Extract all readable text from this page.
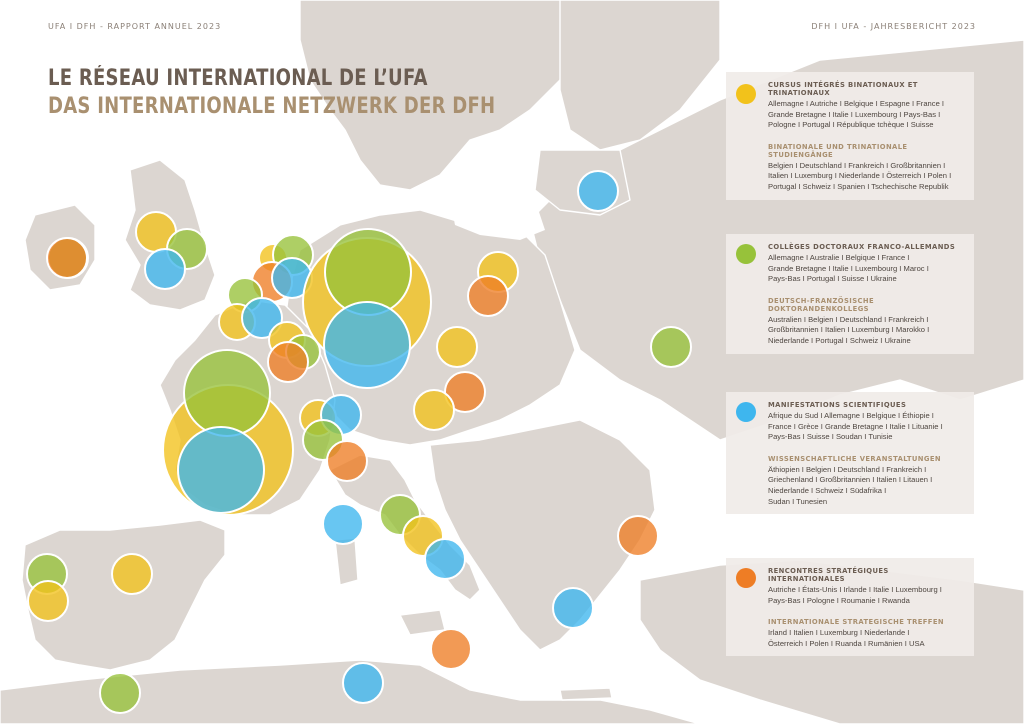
UFA I DFH - RAPPORT ANNUEL 2023	DFH I UFA - JAHRESBERICHT 2023
LE RÉSEAU INTERNATIONAL DE L’UFA
DAS INTERNATIONALE NETZWERK DER DFH
CURSUS INTÉGRÉS BINATIONAUX ET TRINATIONAUX
Allemagne I Autriche I Belgique I Espagne I France I
Grande Bretagne I Italie I Luxembourg I Pays-Bas I
Pologne I Portugal I République tchèque I Suisse
BINATIONALE UND TRINATIONALE STUDIENGÄNGE
Belgien I Deutschland I Frankreich I Großbritannien I
Italien I Luxemburg I Niederlande I Österreich I Polen I
Portugal I Schweiz I Spanien I Tschechische Republik
COLLÈGES DOCTORAUX FRANCO-ALLEMANDS
Allemagne I Australie I Belgique I France I
Grande Bretagne I Italie I Luxembourg I Maroc I
Pays-Bas I Portugal I Suisse I Ukraine
DEUTSCH-FRANZÖSISCHE DOKTORANDENKOLLEGS
Australien I Belgien I Deutschland I Frankreich I
Großbritannien I Italien I Luxemburg I Marokko I
Niederlande I Portugal I Schweiz I Ukraine
MANIFESTATIONS SCIENTIFIQUES
Afrique du Sud I Allemagne I Belgique I Éthiopie I
France I Grèce I Grande Bretagne I Italie I Lituanie I
Pays-Bas I Suisse I Soudan I Tunisie
WISSENSCHAFTLICHE VERANSTALTUNGEN
Äthiopien I Belgien I Deutschland I Frankreich I
Griechenland I Großbritannien I Italien I Litauen I
Niederlande I Schweiz I Südafrika I
Sudan I Tunesien
RENCONTRES STRATÉGIQUES INTERNATIONALES
Autriche I États-Unis I Irlande I Italie I Luxembourg I
Pays-Bas I Pologne I Roumanie I Rwanda
INTERNATIONALE STRATEGISCHE TREFFEN
Irland I Italien I Luxemburg I Niederlande I
Österreich I Polen I Ruanda I Rumänien I USA
